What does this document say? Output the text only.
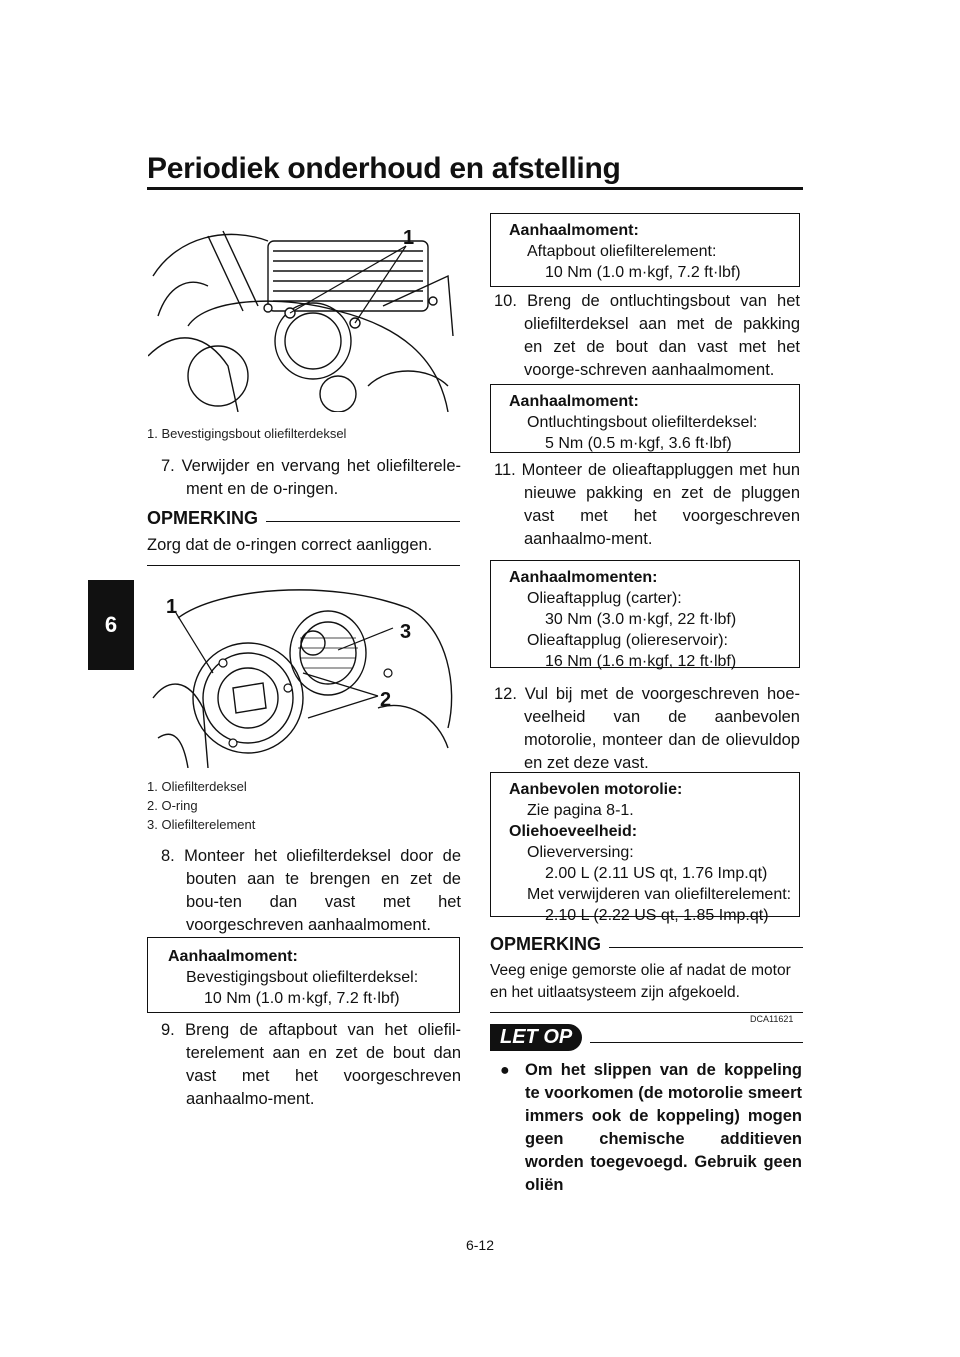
Periodiek onderhoud en afstelling
6
1
1. Bevestigingsbout oliefilterdeksel
7. Verwijder en vervang het oliefilterele-ment en de o-ringen.
OPMERKING
Zorg dat de o-ringen correct aanliggen.
1
3
2
1. Oliefilterdeksel
2. O-ring
3. Oliefilterelement
8. Monteer het oliefilterdeksel door de bouten aan te brengen en zet de bou-ten dan vast met het voorgeschreven aanhaalmoment.
Aanhaalmoment:
Bevestigingsbout oliefilterdeksel:
10 Nm (1.0 m·kgf, 7.2 ft·lbf)
9. Breng de aftapbout van het oliefil-terelement aan en zet de bout dan vast met het voorgeschreven aanhaalmo-ment.
Aanhaalmoment:
Aftapbout oliefilterelement:
10 Nm (1.0 m·kgf, 7.2 ft·lbf)
10. Breng de ontluchtingsbout van het oliefilterdeksel aan met de pakking en zet de bout dan vast met het voorge-schreven aanhaalmoment.
Aanhaalmoment:
Ontluchtingsbout oliefilterdeksel:
5 Nm (0.5 m·kgf, 3.6 ft·lbf)
11. Monteer de olieaftappluggen met hun nieuwe pakking en zet de pluggen vast met het voorgeschreven aanhaalmo-ment.
Aanhaalmomenten:
Olieaftapplug (carter):
30 Nm (3.0 m·kgf, 22 ft·lbf)
Olieaftapplug (oliereservoir):
16 Nm (1.6 m·kgf, 12 ft·lbf)
12. Vul bij met de voorgeschreven hoe-veelheid van de aanbevolen motorolie, monteer dan de olievuldop en zet deze vast.
Aanbevolen motorolie:
Zie pagina 8-1.
Oliehoeveelheid:
Olieverversing:
2.00 L (2.11 US qt, 1.76 Imp.qt)
Met verwijderen van oliefilterelement:
2.10 L (2.22 US qt, 1.85 Imp.qt)
OPMERKING
Veeg enige gemorste olie af nadat de motor en het uitlaatsysteem zijn afgekoeld.
DCA11621
LET OP
● Om het slippen van de koppeling te voorkomen (de motorolie smeert immers ook de koppeling) mogen geen chemische additieven worden toegevoegd. Gebruik geen oliën
6-12
